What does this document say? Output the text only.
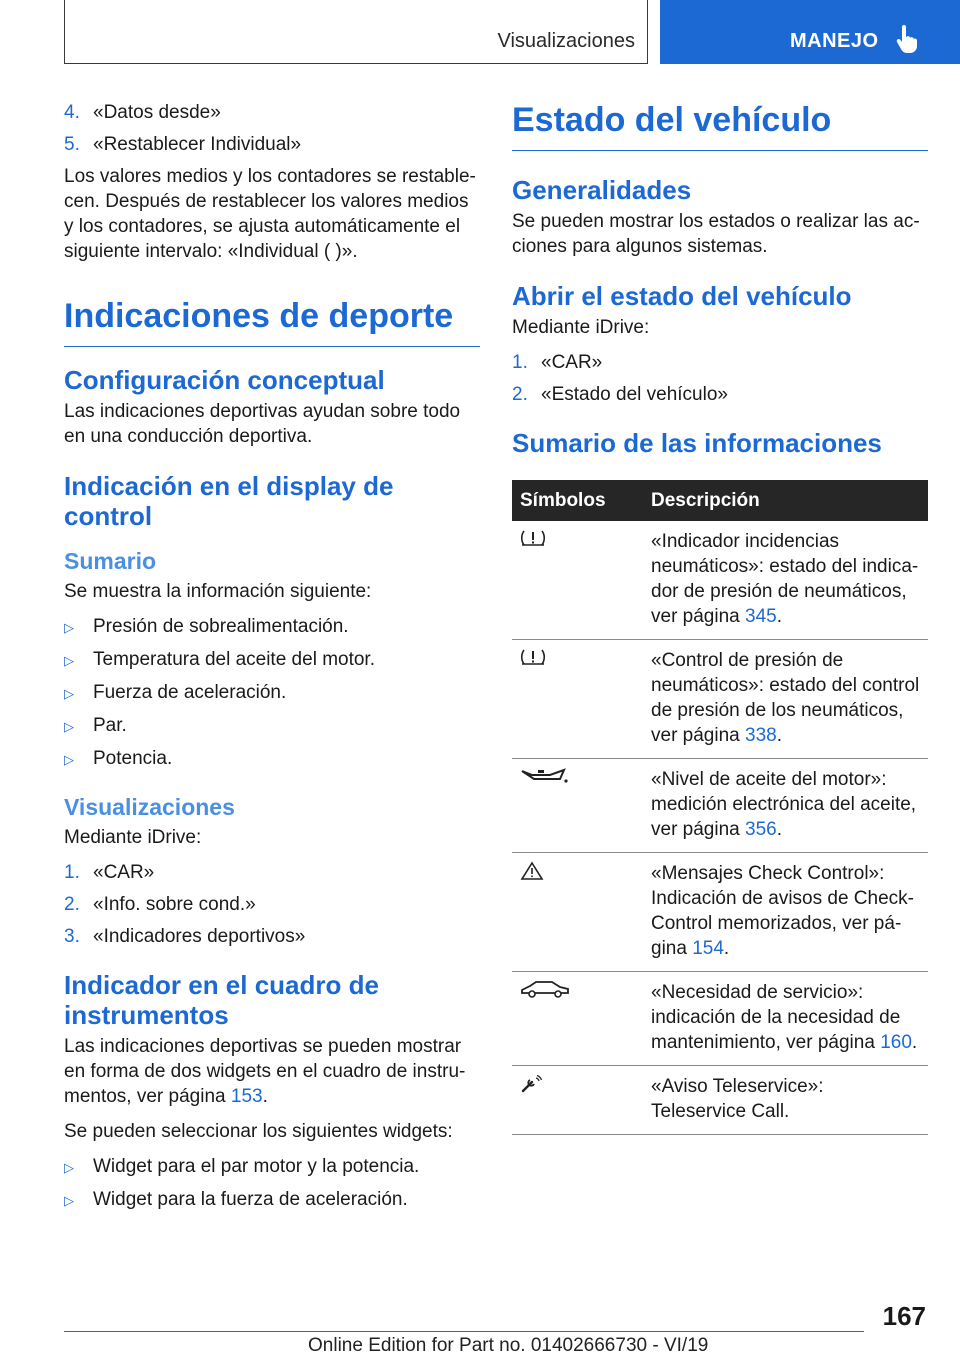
Visualizaciones	MANEJO
4. «Datos desde»
5. «Restablecer Individual»

Los valores medios y los contadores se restablecen. Después de restablecer los valores medios y los contadores, se ajusta automáticamente el siguiente intervalo: «Individual ( )».

Indicaciones de deporte
Configuración conceptual

Las indicaciones deportivas ayudan sobre todo en una conducción deportiva.

Indicación en el display de control
Sumario

Se muestra la información siguiente:

▷	Presión de sobrealimentación.
▷	Temperatura del aceite del motor.
▷	Fuerza de aceleración.
▷	Par.
▷	Potencia.
Visualizaciones

Mediante iDrive:

1. «CAR»
2. «Info. sobre cond.»
3. «Indicadores deportivos»
Indicador en el cuadro de instrumentos

Las indicaciones deportivas se pueden mostrar en forma de dos widgets en el cuadro de instrumentos, ver página 153.

Se pueden seleccionar los siguientes widgets:

▷	Widget para el par motor y la potencia.
▷	Widget para la fuerza de aceleración.
Estado del vehículo
Generalidades

Se pueden mostrar los estados o realizar las acciones para algunos sistemas.

Abrir el estado del vehículo

Mediante iDrive:

1. «CAR»
2. «Estado del vehículo»
Sumario de las informaciones
Símbolos	Descripción
	«Indicador incidencias neumáticos»: estado del indicador de presión de neumáticos, ver página 345.
	«Control de presión de neumáticos»: estado del control de presión de los neumáticos, ver página 338.
	«Nivel de aceite del motor»: medición electrónica del aceite, ver página 356.
	«Mensajes Check Control»: Indicación de avisos de Check-Control memorizados, ver página 154.
	«Necesidad de servicio»: indicación de la necesidad de mantenimiento, ver página 160.
	«Aviso Teleservice»: Teleservice Call.
167
Online Edition for Part no. 01402666730 - VI/19
